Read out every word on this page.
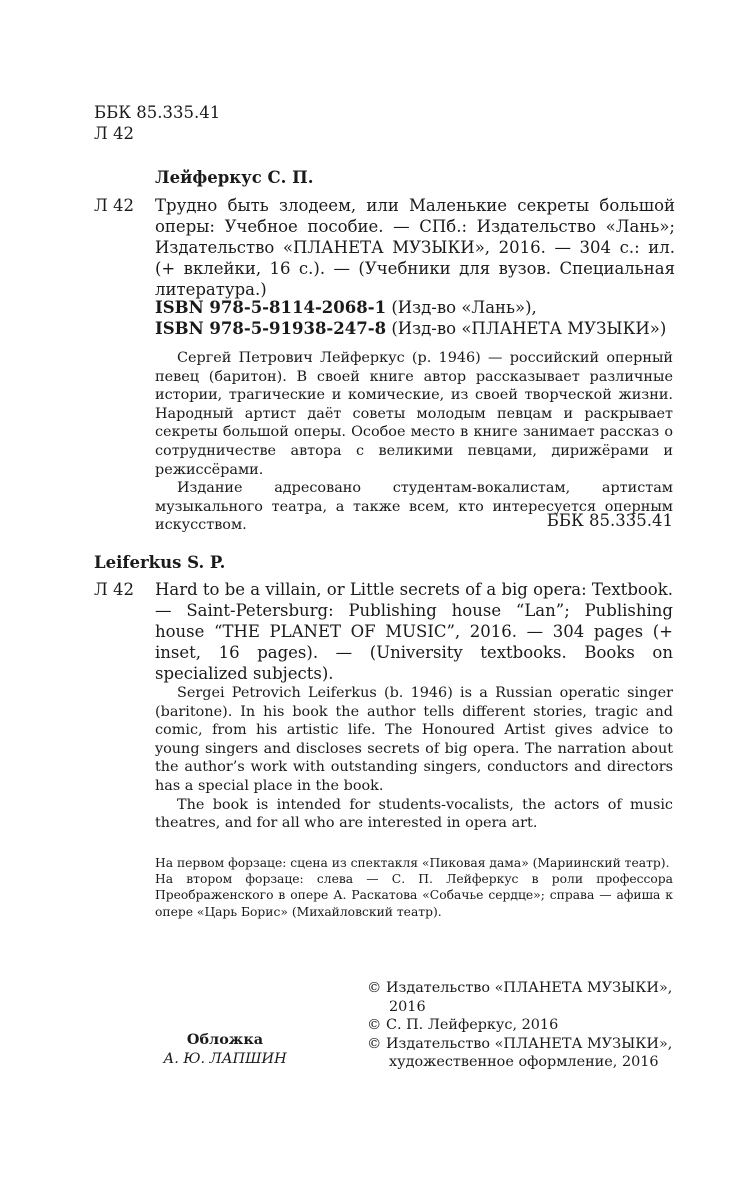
ББК 85.335.41
Л 42
Лейферкус С. П.
Л 42	Трудно быть злодеем, или Маленькие секреты большой оперы: Учебное пособие. — СПб.: Издательство «Лань»; Издательство «ПЛАНЕТА МУЗЫКИ», 2016. — 304 с.: ил. (+ вклейки, 16 с.). — (Учебники для вузов. Специальная литература.)
ISBN 978-5-8114-2068-1 (Изд-во «Лань»),
ISBN 978-5-91938-247-8 (Изд-во «ПЛАНЕТА МУЗЫКИ»)

Сергей Петрович Лейферкус (р. 1946) — российский оперный певец (баритон). В своей книге автор рассказывает различные истории, трагические и комические, из своей творческой жизни. Народный артист даёт советы молодым певцам и раскрывает секреты большой оперы. Особое место в книге занимает рассказ о сотрудничестве автора с великими певцами, дирижёрами и режиссёрами.

Издание адресовано студентам-вокалистам, артистам музыкального театра, а также всем, кто интересуется оперным искусством.	ББК 85.335.41
Leiferkus S. P.
Л 42	Hard to be a villain, or Little secrets of a big opera: Textbook. — Saint-Petersburg: Publishing house “Lan”; Publishing house “THE PLANET OF MUSIC”, 2016. — 304 pages (+ inset, 16 pages). — (University textbooks. Books on specialized subjects).

Sergei Petrovich Leiferkus (b. 1946) is a Russian operatic singer (baritone). In his book the author tells different stories, tragic and comic, from his artistic life. The Honoured Artist gives advice to young singers and discloses secrets of big opera. The narration about the author’s work with outstanding singers, conductors and directors has a special place in the book.

The book is intended for students-vocalists, the actors of music theatres, and for all who are interested in opera art.

На первом форзаце: сцена из спектакля «Пиковая дама» (Мариинский театр).

На втором форзаце: слева — С. П. Лейферкус в роли профессора Преображенского в опере А. Раскатова «Собачье сердце»; справа — афиша к опере «Царь Борис» (Михайловский театр).

Обложка
А. Ю. ЛАПШИН

© Издательство «ПЛАНЕТА МУЗЫКИ», 2016

© С. П. Лейферкус, 2016

© Издательство «ПЛАНЕТА МУЗЫКИ», художественное оформление, 2016
